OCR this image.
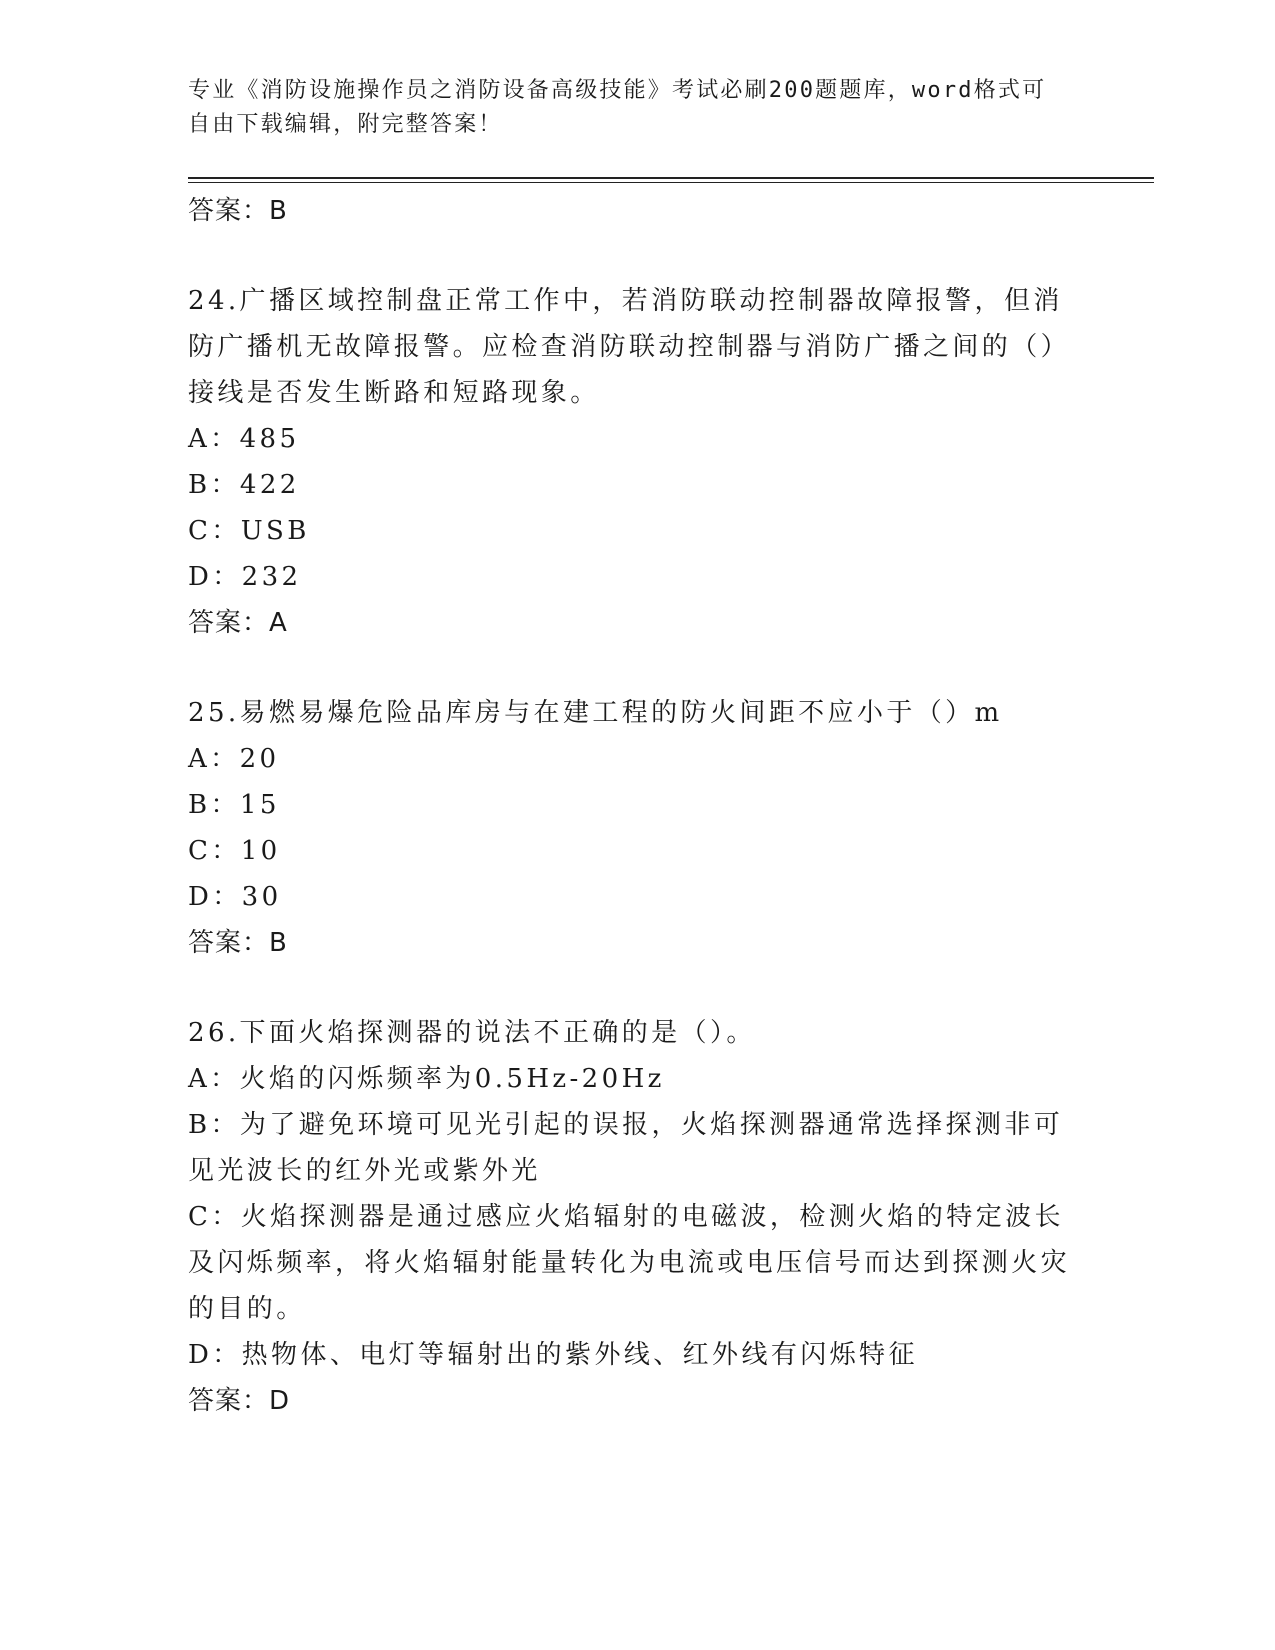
专业《消防设施操作员之消防设备高级技能》考试必刷200题题库，word格式可
自由下载编辑，附完整答案！
答案：B
24.广播区域控制盘正常工作中，若消防联动控制器故障报警，但消防广播机无故障报警。应检查消防联动控制器与消防广播之间的（）接线是否发生断路和短路现象。
A：485
B：422
C：USB
D：232
答案：A
25.易燃易爆危险品库房与在建工程的防火间距不应小于（）m
A：20
B：15
C：10
D：30
答案：B
26.下面火焰探测器的说法不正确的是（）。
A：火焰的闪烁频率为0.5Hz-20Hz
B：为了避免环境可见光引起的误报，火焰探测器通常选择探测非可见光波长的红外光或紫外光
C：火焰探测器是通过感应火焰辐射的电磁波，检测火焰的特定波长及闪烁频率，将火焰辐射能量转化为电流或电压信号而达到探测火灾的目的。
D：热物体、电灯等辐射出的紫外线、红外线有闪烁特征
答案：D
